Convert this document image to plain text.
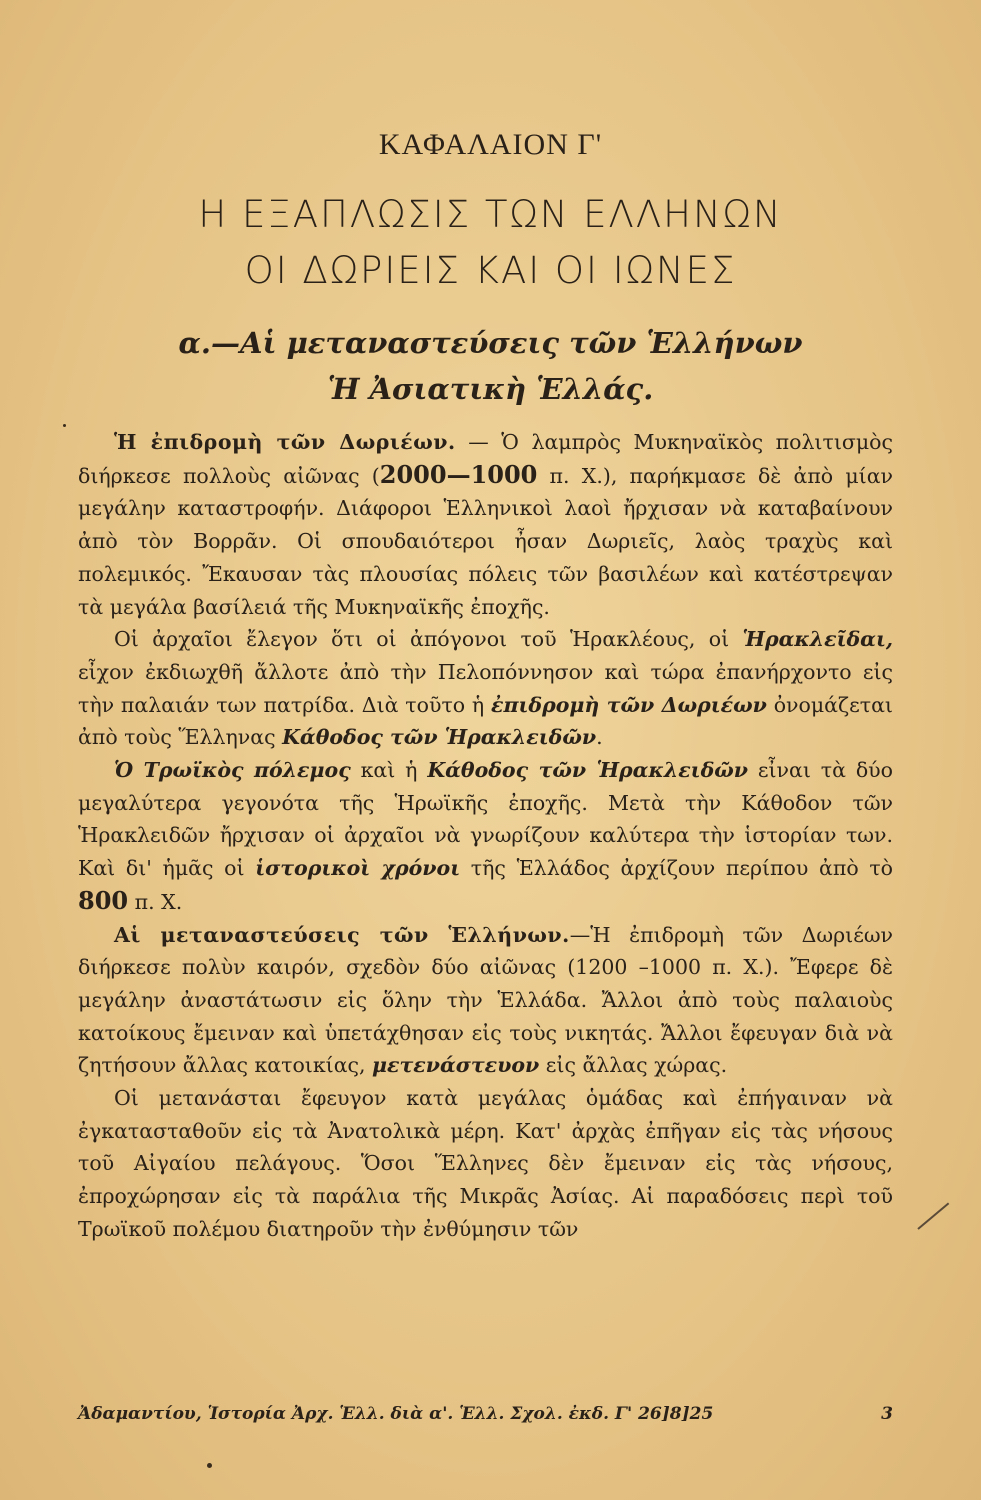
ΚΑΦΑΛΑΙΟΝ Γ'
Η ΕΞΑΠΛΩΣΙΣ ΤΩΝ ΕΛΛΗΝΩΝ
ΟΙ ΔΩΡΙΕΙΣ ΚΑΙ ΟΙ ΙΩΝΕΣ
α.—Αἱ μεταναστεύσεις τῶν Ἑλλήνων
Ἡ Ἀσιατικὴ Ἑλλάς.

Ἡ ἐπιδρομὴ τῶν Δωριέων. — Ὁ λαμπρὸς Μυκηναϊκὸς πολιτισμὸς διήρκεσε πολλοὺς αἰῶνας (2000—1000 π. Χ.), παρήκμασε δὲ ἀπὸ μίαν μεγάλην καταστροφήν. Διάφοροι Ἑλληνικοὶ λαοὶ ἤρχισαν νὰ καταβαίνουν ἀπὸ τὸν Βορρᾶν. Οἱ σπουδαιότεροι ἦσαν Δωριεῖς, λαὸς τραχὺς καὶ πολεμικός. Ἔκαυσαν τὰς πλουσίας πόλεις τῶν βασιλέων καὶ κατέστρεψαν τὰ μεγάλα βασίλειά τῆς Μυκηναϊκῆς ἐποχῆς.

Οἱ ἀρχαῖοι ἔλεγον ὅτι οἱ ἀπόγονοι τοῦ Ἡρακλέους, οἱ Ἡρακλεῖδαι, εἶχον ἐκδιωχθῆ ἄλλοτε ἀπὸ τὴν Πελοπόννησον καὶ τώρα ἐπανήρχοντο εἰς τὴν παλαιάν των πατρίδα. Διὰ τοῦτο ἡ ἐπιδρομὴ τῶν Δωριέων ὀνομάζεται ἀπὸ τοὺς Ἕλληνας Κάθοδος τῶν Ἡρακλειδῶν.

Ὁ Τρωϊκὸς πόλεμος καὶ ἡ Κάθοδος τῶν Ἡρακλειδῶν εἶναι τὰ δύο μεγαλύτερα γεγονότα τῆς Ἡρωϊκῆς ἐποχῆς. Μετὰ τὴν Κάθοδον τῶν Ἡρακλειδῶν ἤρχισαν οἱ ἀρχαῖοι νὰ γνωρίζουν καλύτερα τὴν ἱστορίαν των. Καὶ δι' ἡμᾶς οἱ ἱστορικοὶ χρόνοι τῆς Ἑλλάδος ἀρχίζουν περίπου ἀπὸ τὸ 800 π. Χ.

Αἱ μεταναστεύσεις τῶν Ἑλλήνων.—Ἡ ἐπιδρομὴ τῶν Δωριέων διήρκεσε πολὺν καιρόν, σχεδὸν δύο αἰῶνας (1200 –1000 π. Χ.). Ἔφερε δὲ μεγάλην ἀναστάτωσιν εἰς ὅλην τὴν Ἑλλάδα. Ἄλλοι ἀπὸ τοὺς παλαιοὺς κατοίκους ἔμειναν καὶ ὑπετάχθησαν εἰς τοὺς νικητάς. Ἄλλοι ἔφευγαν διὰ νὰ ζητήσουν ἄλλας κατοικίας, μετενάστευον εἰς ἄλλας χώρας.

Οἱ μετανάσται ἔφευγον κατὰ μεγάλας ὁμάδας καὶ ἐπήγαιναν νὰ ἐγκατασταθοῦν εἰς τὰ Ἀνατολικὰ μέρη. Κατ' ἀρχὰς ἐπῆγαν εἰς τὰς νήσους τοῦ Αἰγαίου πελάγους. Ὅσοι Ἕλληνες δὲν ἔμειναν εἰς τὰς νήσους, ἐπροχώρησαν εἰς τὰ παράλια τῆς Μικρᾶς Ἀσίας. Αἱ παραδόσεις περὶ τοῦ Τρωϊκοῦ πολέμου διατηροῦν τὴν ἐνθύμησιν τῶν

Ἀδαμαντίου, Ἱστορία Ἀρχ. Ἑλλ. διὰ α'. Ἑλλ. Σχολ. ἐκδ. Γ' 26]8]25	3
